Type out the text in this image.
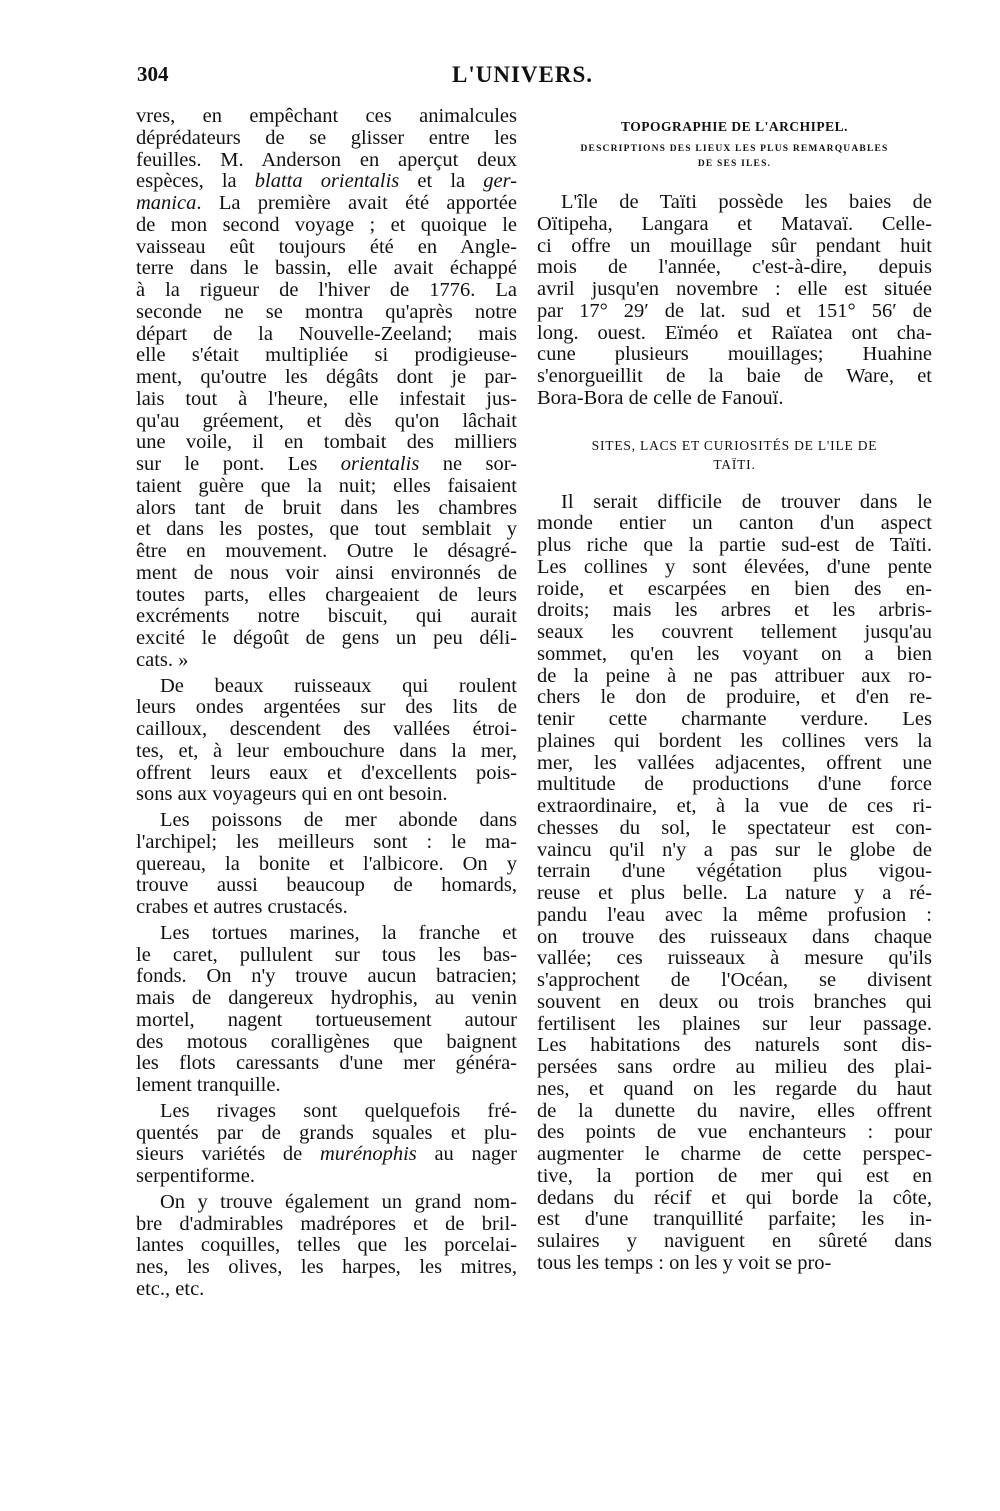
304	L'UNIVERS.
vres, en empêchant ces animalcules
déprédateurs de se glisser entre les
feuilles. M. Anderson en aperçut deux
espèces, la blatta orientalis et la ger-
manica. La première avait été apportée
de mon second voyage ; et quoique le
vaisseau eût toujours été en Angle-
terre dans le bassin, elle avait échappé
à la rigueur de l'hiver de 1776. La
seconde ne se montra qu'après notre
départ de la Nouvelle-Zeeland; mais
elle s'était multipliée si prodigieuse-
ment, qu'outre les dégâts dont je par-
lais tout à l'heure, elle infestait jus-
qu'au gréement, et dès qu'on lâchait
une voile, il en tombait des milliers
sur le pont. Les orientalis ne sor-
taient guère que la nuit; elles faisaient
alors tant de bruit dans les chambres
et dans les postes, que tout semblait y
être en mouvement. Outre le désagré-
ment de nous voir ainsi environnés de
toutes parts, elles chargeaient de leurs
excréments notre biscuit, qui aurait
excité le dégoût de gens un peu déli-
cats. »
De beaux ruisseaux qui roulent
leurs ondes argentées sur des lits de
cailloux, descendent des vallées étroi-
tes, et, à leur embouchure dans la mer,
offrent leurs eaux et d'excellents pois-
sons aux voyageurs qui en ont besoin.
Les poissons de mer abonde dans
l'archipel; les meilleurs sont : le ma-
quereau, la bonite et l'albicore. On y
trouve aussi beaucoup de homards,
crabes et autres crustacés.
Les tortues marines, la franche et
le caret, pullulent sur tous les bas-
fonds. On n'y trouve aucun batracien;
mais de dangereux hydrophis, au venin
mortel, nagent tortueusement autour
des motous coralligènes que baignent
les flots caressants d'une mer généra-
lement tranquille.
Les rivages sont quelquefois fré-
quentés par de grands squales et plu-
sieurs variétés de murénophis au nager
serpentiforme.
On y trouve également un grand nom-
bre d'admirables madrépores et de bril-
lantes coquilles, telles que les porcelai-
nes, les olives, les harpes, les mitres,
etc., etc.
TOPOGRAPHIE DE L'ARCHIPEL.
DESCRIPTIONS DES LIEUX LES PLUS REMARQUABLES
DE SES ILES.
L'île de Taïti possède les baies de
Oïtipeha, Langara et Matavaï. Celle-
ci offre un mouillage sûr pendant huit
mois de l'année, c'est-à-dire, depuis
avril jusqu'en novembre : elle est située
par 17° 29′ de lat. sud et 151° 56′ de
long. ouest. Eïméo et Raïatea ont cha-
cune plusieurs mouillages; Huahine
s'enorgueillit de la baie de Ware, et
Bora-Bora de celle de Fanouï.
SITES, LACS ET CURIOSITÉS DE L'ILE DE
TAÏTI.
Il serait difficile de trouver dans le
monde entier un canton d'un aspect
plus riche que la partie sud-est de Taïti.
Les collines y sont élevées, d'une pente
roide, et escarpées en bien des en-
droits; mais les arbres et les arbris-
seaux les couvrent tellement jusqu'au
sommet, qu'en les voyant on a bien
de la peine à ne pas attribuer aux ro-
chers le don de produire, et d'en re-
tenir cette charmante verdure. Les
plaines qui bordent les collines vers la
mer, les vallées adjacentes, offrent une
multitude de productions d'une force
extraordinaire, et, à la vue de ces ri-
chesses du sol, le spectateur est con-
vaincu qu'il n'y a pas sur le globe de
terrain d'une végétation plus vigou-
reuse et plus belle. La nature y a ré-
pandu l'eau avec la même profusion :
on trouve des ruisseaux dans chaque
vallée; ces ruisseaux à mesure qu'ils
s'approchent de l'Océan, se divisent
souvent en deux ou trois branches qui
fertilisent les plaines sur leur passage.
Les habitations des naturels sont dis-
persées sans ordre au milieu des plai-
nes, et quand on les regarde du haut
de la dunette du navire, elles offrent
des points de vue enchanteurs : pour
augmenter le charme de cette perspec-
tive, la portion de mer qui est en
dedans du récif et qui borde la côte,
est d'une tranquillité parfaite; les in-
sulaires y naviguent en sûreté dans
tous les temps : on les y voit se pro-
